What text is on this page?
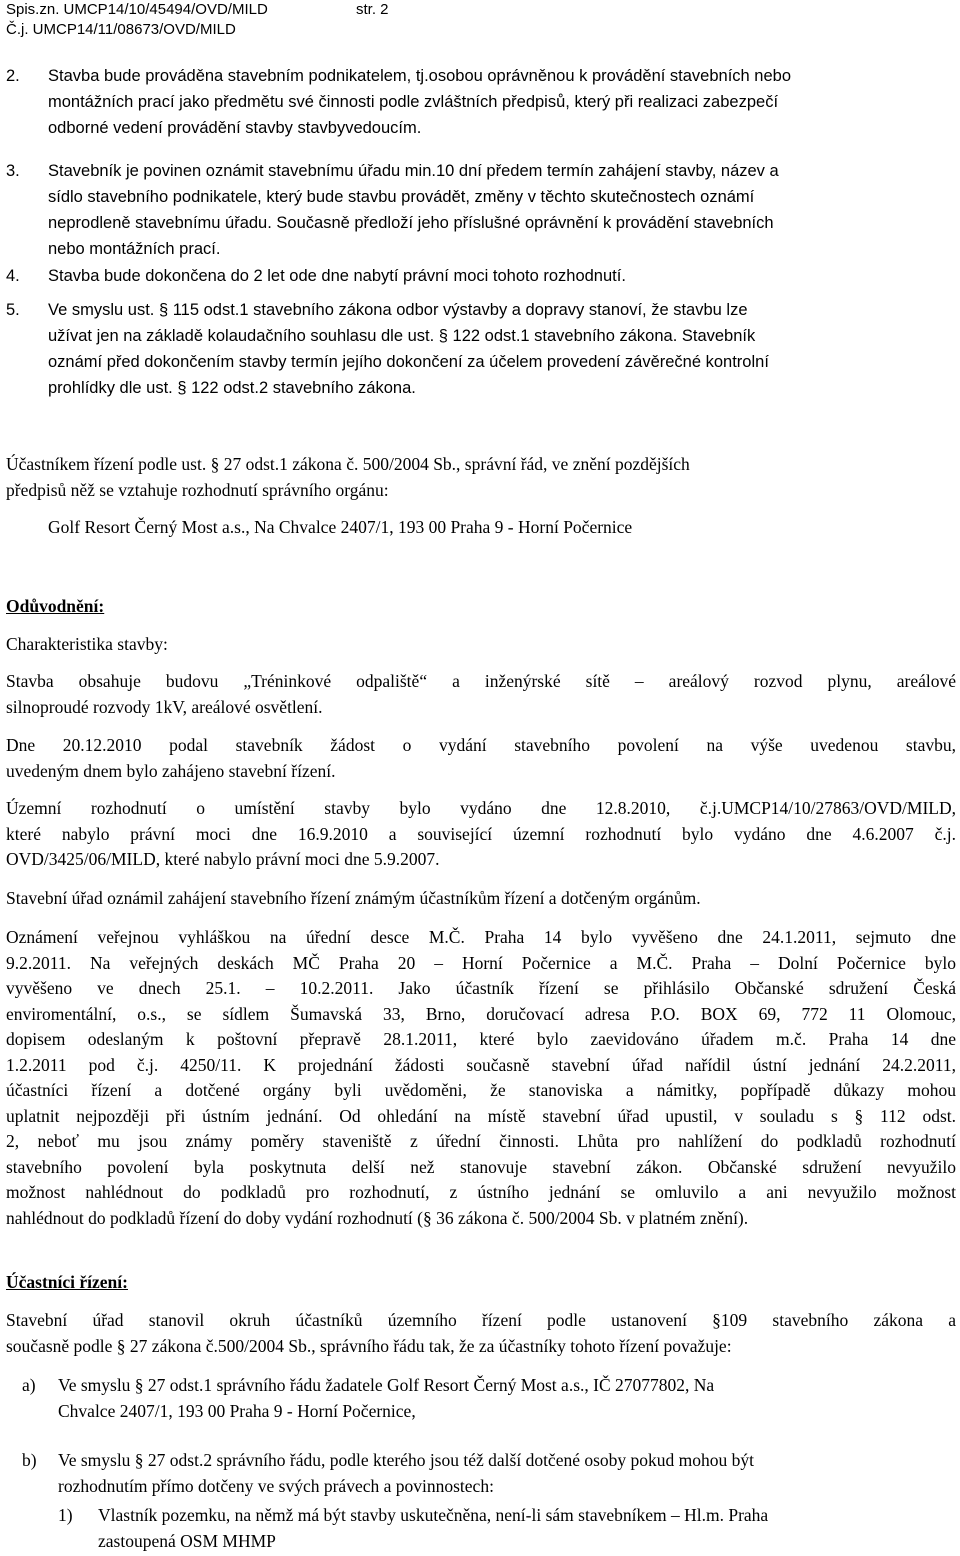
Spis.zn. UMCP14/10/45494/OVD/MILD	str. 2
Č.j. UMCP14/11/08673/OVD/MILD
2. Stavba bude prováděna stavebním podnikatelem, tj.osobou oprávněnou k provádění stavebních nebo
montážních prací jako předmětu své činnosti podle zvláštních předpisů, který při realizaci zabezpečí
odborné vedení provádění stavby stavbyvedoucím.
3. Stavebník je povinen oznámit stavebnímu úřadu min.10 dní předem termín zahájení stavby, název a
sídlo stavebního podnikatele, který bude stavbu provádět, změny v těchto skutečnostech oznámí
neprodleně stavebnímu úřadu. Současně předloží jeho příslušné oprávnění k provádění stavebních
nebo montážních prací.
4. Stavba bude dokončena do 2 let ode dne nabytí právní moci tohoto rozhodnutí.
5. Ve smyslu ust. § 115 odst.1 stavebního zákona odbor výstavby a dopravy stanoví, že stavbu lze
užívat jen na základě kolaudačního souhlasu dle ust. § 122 odst.1 stavebního zákona. Stavebník
oznámí před dokončením stavby termín jejího dokončení za účelem provedení závěrečné kontrolní
prohlídky dle ust. § 122 odst.2 stavebního zákona.
Účastníkem řízení podle ust. § 27 odst.1 zákona č. 500/2004 Sb., správní řád, ve znění pozdějších
předpisů něž se vztahuje rozhodnutí správního orgánu:
Golf Resort Černý Most a.s., Na Chvalce 2407/1, 193 00 Praha 9 - Horní Počernice
Odůvodnění:
Charakteristika stavby:
Stavba obsahuje budovu „Tréninkové odpaliště“ a inženýrské sítě – areálový rozvod plynu, areálové
silnoproudé rozvody 1kV, areálové osvětlení.
Dne 20.12.2010 podal stavebník žádost o vydání stavebního povolení na výše uvedenou stavbu,
uvedeným dnem bylo zahájeno stavební řízení.
Územní rozhodnutí o umístění stavby bylo vydáno dne 12.8.2010, č.j.UMCP14/10/27863/OVD/MILD,
které nabylo právní moci dne 16.9.2010 a související územní rozhodnutí bylo vydáno dne 4.6.2007 č.j.
OVD/3425/06/MILD, které nabylo právní moci dne 5.9.2007.
Stavební úřad oznámil zahájení stavebního řízení známým účastníkům řízení a dotčeným orgánům.
Oznámení veřejnou vyhláškou na úřední desce M.Č. Praha 14 bylo vyvěšeno dne 24.1.2011, sejmuto dne
9.2.2011. Na veřejných deskách MČ Praha 20 – Horní Počernice a M.Č. Praha – Dolní Počernice bylo
vyvěšeno ve dnech 25.1. – 10.2.2011. Jako účastník řízení se přihlásilo Občanské sdružení Česká
enviromentální, o.s., se sídlem Šumavská 33, Brno, doručovací adresa P.O. BOX 69, 772 11 Olomouc,
dopisem odeslaným k poštovní přepravě 28.1.2011, které bylo zaevidováno úřadem m.č. Praha 14 dne
1.2.2011 pod č.j. 4250/11. K projednání žádosti současně stavební úřad nařídil ústní jednání 24.2.2011,
účastníci řízení a dotčené orgány byli uvědoměni, že stanoviska a námitky, popřípadě důkazy mohou
uplatnit nejpozději při ústním jednání. Od ohledání na místě stavební úřad upustil, v souladu s § 112 odst.
2, neboť mu jsou známy poměry staveniště z úřední činnosti. Lhůta pro nahlížení do podkladů rozhodnutí
stavebního povolení byla poskytnuta delší než stanovuje stavební zákon. Občanské sdružení nevyužilo
možnost nahlédnout do podkladů pro rozhodnutí, z ústního jednání se omluvilo a ani nevyužilo možnost
nahlédnout do podkladů řízení do doby vydání rozhodnutí (§ 36 zákona č. 500/2004 Sb. v platném znění).
Účastníci řízení:
Stavební úřad stanovil okruh účastníků územního řízení podle ustanovení §109 stavebního zákona a
současně podle § 27 zákona č.500/2004 Sb., správního řádu tak, že za účastníky tohoto řízení považuje:
a)	Ve smyslu § 27 odst.1 správního řádu žadatele Golf Resort Černý Most a.s., IČ 27077802, Na
Chvalce 2407/1, 193 00 Praha 9 - Horní Počernice,
b)	Ve smyslu § 27 odst.2 správního řádu, podle kterého jsou též další dotčené osoby pokud mohou být
rozhodnutím přímo dotčeny ve svých právech a povinnostech:
1)	Vlastník pozemku, na němž má být stavby uskutečněna, není-li sám stavebníkem – Hl.m. Praha
zastoupená OSM MHMP
